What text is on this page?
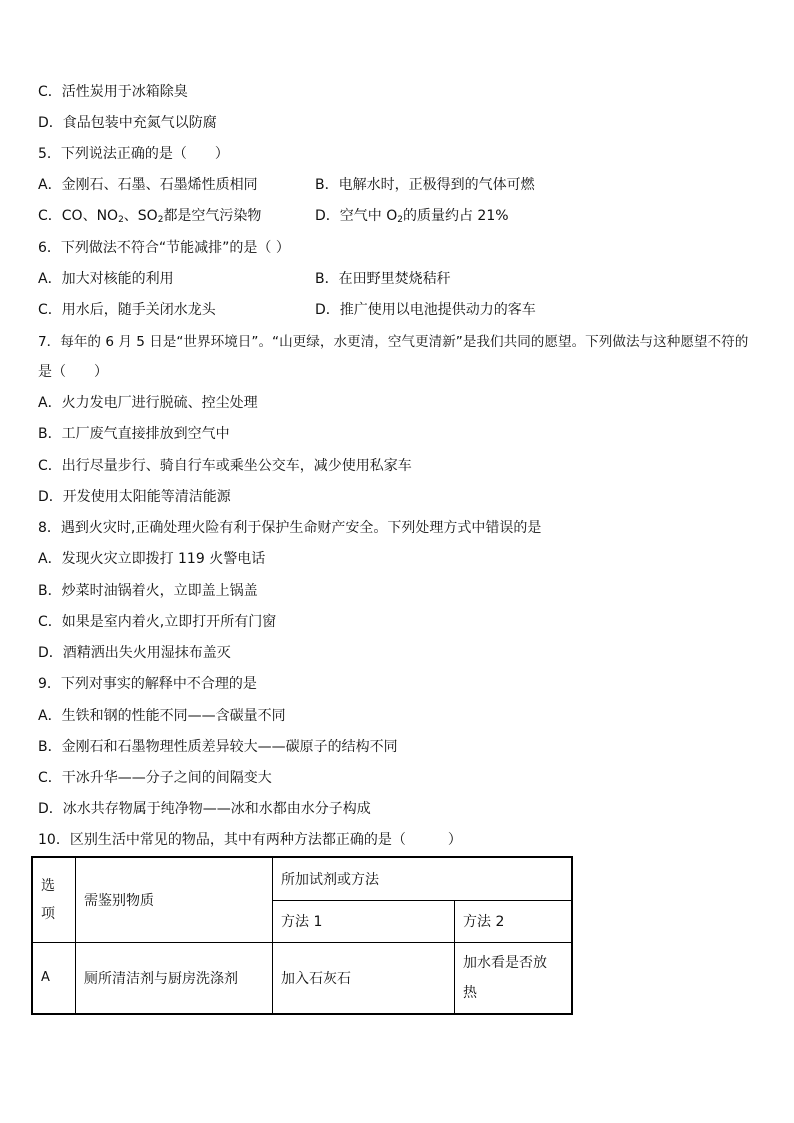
C．活性炭用于冰箱除臭
D．食品包装中充氮气以防腐
5．下列说法正确的是（　　）
A．金刚石、石墨、石墨烯性质相同	B．电解水时，正极得到的气体可燃
C．CO、$NO_2$、$SO_2$都是空气污染物	D．空气中 $O_2$的质量约占 21%
6．下列做法不符合“节能减排”的是（ ）
A．加大对核能的利用	B．在田野里焚烧秸秆
C．用水后，随手关闭水龙头	D．推广使用以电池提供动力的客车
7．每年的 6 月 5 日是“世界环境日”。“山更绿，水更清，空气更清新”是我们共同的愿望。下列做法与这种愿望不符的
是（　　）
A．火力发电厂进行脱硫、控尘处理
B．工厂废气直接排放到空气中
C．出行尽量步行、骑自行车或乘坐公交车，减少使用私家车
D．开发使用太阳能等清洁能源
8．遇到火灾时,正确处理火险有利于保护生命财产安全。下列处理方式中错误的是
A．发现火灾立即拨打 119 火警电话
B．炒菜时油锅着火，立即盖上锅盖
C．如果是室内着火,立即打开所有门窗
D．酒精洒出失火用湿抹布盖灭
9．下列对事实的解释中不合理的是
A．生铁和钢的性能不同——含碳量不同
B．金刚石和石墨物理性质差异较大——碳原子的结构不同
C．干冰升华——分子之间的间隔变大
D．冰水共存物属于纯净物——冰和水都由水分子构成
10．区别生活中常见的物品，其中有两种方法都正确的是（　　　）
选
项	需鉴别物质	所加试剂或方法	
		方法 1	方法 2
A	厕所清洁剂与厨房洗涤剂	加入石灰石	加水看是否放
热
